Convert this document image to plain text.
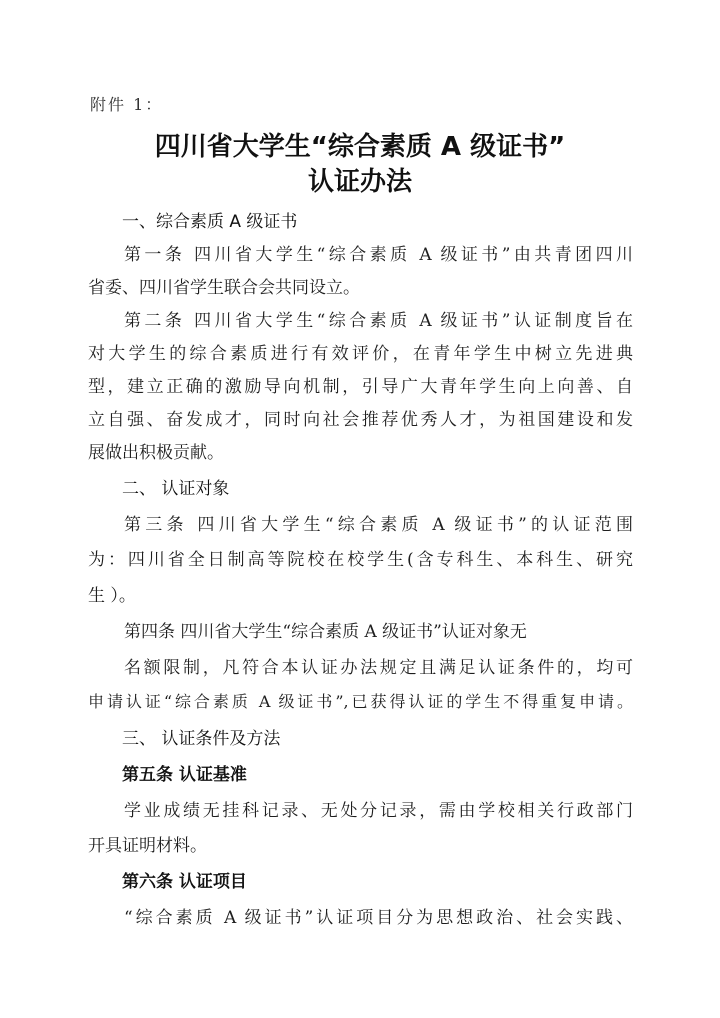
附件 1：
四川省大学生“综合素质 A 级证书”
认证办法
一、综合素质 A 级证书
第一条 四川省大学生“综合素质 A 级证书”由共青团四川
省委、四川省学生联合会共同设立。
第二条 四川省大学生“综合素质 A 级证书”认证制度旨在
对大学生的综合素质进行有效评价，在青年学生中树立先进典
型，建立正确的激励导向机制，引导广大青年学生向上向善、自
立自强、奋发成才，同时向社会推荐优秀人才，为祖国建设和发
展做出积极贡献。
二、 认证对象
第三条 四川省大学生“综合素质 A 级证书”的认证范围
为：四川省全日制高等院校在校学生(含专科生、本科生、研究
生 ）。
第四条 四川省大学生“综合素质 A 级证书”认证对象无
名额限制，凡符合本认证办法规定且满足认证条件的，均可
申请认证“综合素质 A 级证书”,已获得认证的学生不得重复申请。
三、 认证条件及方法
第五条 认证基准
学业成绩无挂科记录、无处分记录，需由学校相关行政部门
开具证明材料。
第六条 认证项目
“综合素质 A 级证书”认证项目分为思想政治、社会实践、
